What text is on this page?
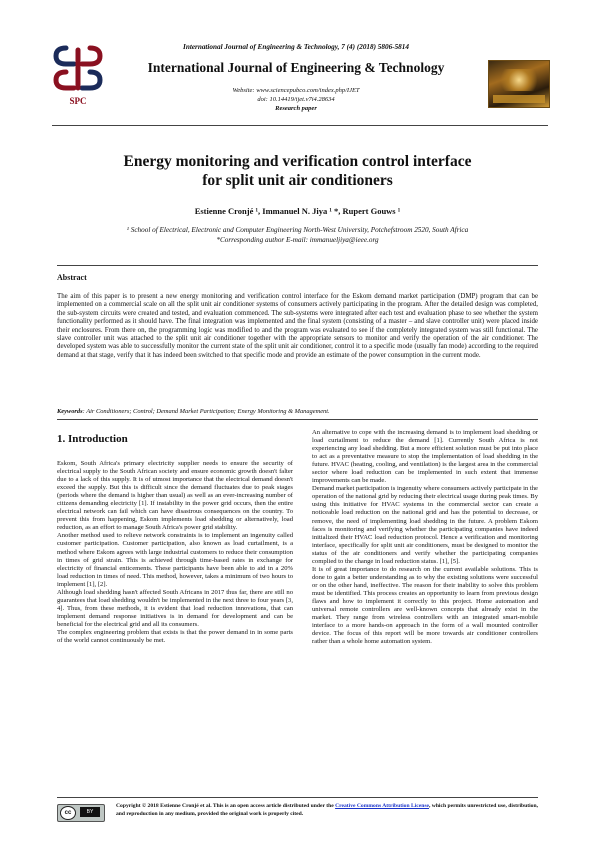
International Journal of Engineering & Technology, 7 (4) (2018) 5806-5814
SPC
International Journal of Engineering & Technology
Website: www.sciencepubco.com/index.php/IJET
doi: 10.14419/ijet.v7i4.28634
Research paper
Energy monitoring and verification control interface
for split unit air conditioners
Estienne Cronjé ¹, Immanuel N. Jiya ¹ *, Rupert Gouws ¹
¹ School of Electrical, Electronic and Computer Engineering North-West University, Potchefstroom 2520, South Africa
*Corresponding author E-mail: immanueljiya@ieee.org
Abstract
The aim of this paper is to present a new energy monitoring and verification control interface for the Eskom demand market participation (DMP) program that can be implemented on a commercial scale on all the split unit air conditioner systems of consumers actively participating in the program. After the detailed design was completed, the sub-system circuits were created and tested, and evaluation commenced. The sub-systems were integrated after each test and evaluation phase to see whether the system functionality performed as it should have. The final integration was implemented and the final system (consisting of a master – and slave controller unit) were placed inside their enclosures. From there on, the programming logic was modified to and the program was evaluated to see if the completely integrated system was still functional. The slave controller unit was attached to the split unit air conditioner together with the appropriate sensors to monitor and verify the operation of the air conditioner. The developed system was able to successfully monitor the current state of the split unit air conditioner, control it to a specific mode (usually fan mode) according to the required demand at that stage, verify that it has indeed been switched to that specific mode and provide an estimate of the power consumption in the current mode.
Keywords: Air Conditioners; Control; Demand Market Participation; Energy Monitoring & Management.
1. Introduction

Eskom, South Africa's primary electricity supplier needs to ensure the security of electrical supply to the South African society and ensure economic growth doesn't falter due to a lack of this supply. It is of utmost importance that the electrical demand doesn't exceed the supply. But this is difficult since the demand fluctuates due to peak stages (periods where the demand is higher than usual) as well as an ever-increasing number of citizens demanding electricity [1]. If instability in the power grid occurs, then the entire electrical network can fail which can have disastrous consequences on the country. To prevent this from happening, Eskom implements load shedding or alternatively, load reduction, as an effort to manage South Africa's power grid stability.

Another method used to relieve network constraints is to implement an ingenuity called customer participation. Customer participation, also known as load curtailment, is a method where Eskom agrees with large industrial customers to reduce their consumption in times of grid strain. This is achieved through time-based rates in exchange for electricity of financial enticements. These participants have been able to aid in a 20% load reduction in times of need. This method, however, takes a minimum of two hours to implement [1], [2].

Although load shedding hasn't affected South Africans in 2017 thus far, there are still no guarantees that load shedding wouldn't be implemented in the next three to four years [3, 4]. Thus, from these methods, it is evident that load reduction innovations, that can implement demand response initiatives is in demand for development and can be beneficial for the electrical grid and all its consumers.

The complex engineering problem that exists is that the power demand in in some parts of the world cannot continuously be met.

An alternative to cope with the increasing demand is to implement load shedding or load curtailment to reduce the demand [1]. Currently South Africa is not experiencing any load shedding. But a more efficient solution must be put into place to act as a preventative measure to stop the implementation of load shedding in the future. HVAC (heating, cooling, and ventilation) is the largest area in the commercial sector where load reduction can be implemented in such extent that immense improvements can be made.

Demand market participation is ingenuity where consumers actively participate in the operation of the national grid by reducing their electrical usage during peak times. By using this initiative for HVAC systems in the commercial sector can create a noticeable load reduction on the national grid and has the potential to decrease, or remove, the need of implementing load shedding in the future. A problem Eskom faces is monitoring and verifying whether the participating companies have indeed initialized their HVAC load reduction protocol. Hence a verification and monitoring interface, specifically for split unit air conditioners, must be designed to monitor the status of the air conditioners and verify whether the participating companies complied to the change in load reduction status. [1], [5].

It is of great importance to do research on the current available solutions. This is done to gain a better understanding as to why the existing solutions were successful or on the other hand, ineffective. The reason for their inability to solve this problem must be identified. This process creates an opportunity to learn from previous design flaws and how to implement it correctly to this project. Home automation and universal remote controllers are well-known concepts that already exist in the market. They range from wireless controllers with an integrated smart-mobile interface to a more hands-on approach in the form of a wall mounted controller device. The focus of this report will be more towards air conditioner controllers rather than a whole home automation system.

cc	BY
Copyright © 2018 Estienne Cronjé et al. This is an open access article distributed under the Creative Commons Attribution License, which permits unrestricted use, distribution, and reproduction in any medium, provided the original work is properly cited.
